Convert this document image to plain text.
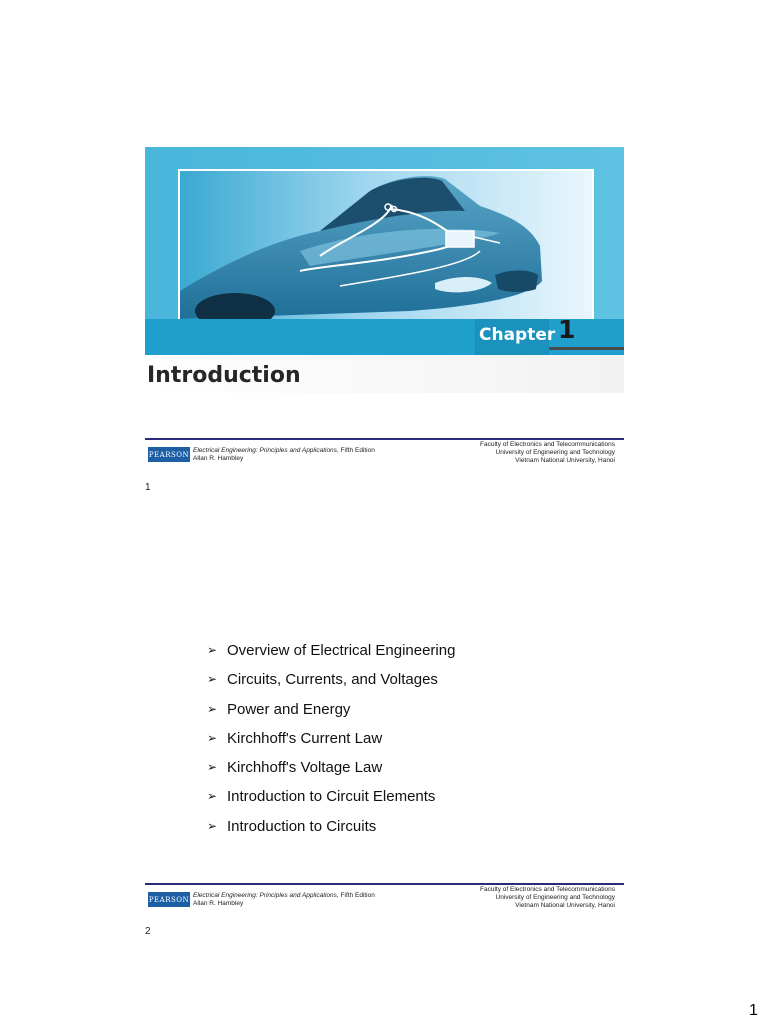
Chapter 1
Introduction
PEARSON Electrical Engineering: Principles and Applications, Fifth Edition
Allan R. Hambley
Faculty of Electronics and Telecommunications
University of Engineering and Technology
Vietnam National University, Hanoi
1
➢ Overview of Electrical Engineering
➢ Circuits, Currents, and Voltages
➢ Power and Energy
➢ Kirchhoff's Current Law
➢ Kirchhoff's Voltage Law
➢ Introduction to Circuit Elements
➢ Introduction to Circuits
PEARSON Electrical Engineering: Principles and Applications, Fifth Edition
Allan R. Hambley
Faculty of Electronics and Telecommunications
University of Engineering and Technology
Vietnam National University, Hanoi
2
1
